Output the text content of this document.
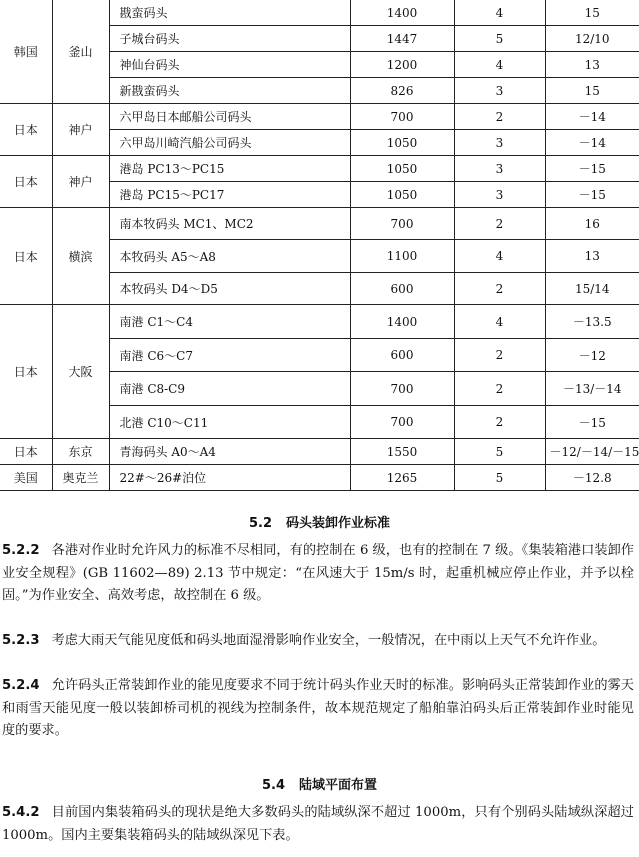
韩国	釜山	戡蛮码头	1400	4	15
		子城台码头	1447	5	12/10
		神仙台码头	1200	4	13
		新戡蛮码头	826	3	15
日本	神户	六甲岛日本邮船公司码头	700	2	－14
		六甲岛川崎汽船公司码头	1050	3	－14
日本	神户	港岛 PC13～PC15	1050	3	－15
		港岛 PC15～PC17	1050	3	－15
日本	横滨	南本牧码头 MC1、MC2	700	2	16
		本牧码头 A5～A8	1100	4	13
		本牧码头 D4～D5	600	2	15/14
日本	大阪	南港 C1～C4	1400	4	－13.5
		南港 C6～C7	600	2	－12
		南港 C8-C9	700	2	－13/－14
		北港 C10～C11	700	2	－15
日本	东京	青海码头 A0～A4	1550	5	－12/－14/－15
美国	奥克兰	22#～26#泊位	1265	5	－12.8
5.2 码头装卸作业标准
5.2.2 各港对作业时允许风力的标准不尽相同，有的控制在 6 级，也有的控制在 7 级。《集装箱港口装卸作业安全规程》(GB 11602—89) 2.13 节中规定：“在风速大于 15m/s 时，起重机械应停止作业，并予以栓固。”为作业安全、高效考虑，故控制在 6 级。
5.2.3 考虑大雨天气能见度低和码头地面湿滑影响作业安全，一般情况，在中雨以上天气不允许作业。
5.2.4 允许码头正常装卸作业的能见度要求不同于统计码头作业天时的标准。影响码头正常装卸作业的雾天和雨雪天能见度一般以装卸桥司机的视线为控制条件，故本规范规定了船舶靠泊码头后正常装卸作业时能见度的要求。
5.4 陆域平面布置
5.4.2 目前国内集装箱码头的现状是绝大多数码头的陆域纵深不超过 1000m，只有个别码头陆域纵深超过 1000m。国内主要集装箱码头的陆域纵深见下表。
